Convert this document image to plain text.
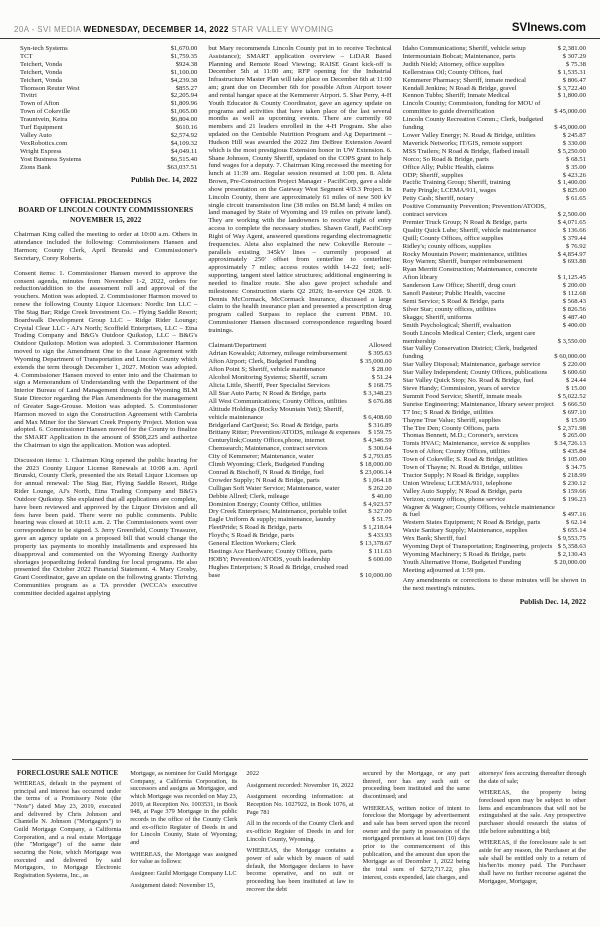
20A - SVI MEDIA WEDNESDAY, DECEMBER 14, 2022 STAR VALLEY WYOMING	SVInews.com
Syn-tech Systems	$1,670.00
TCT	$1,759.35
Teichert, Vonda	$924.38
Teichert, Vonda	$1,100.00
Teichert, Vonda	$4,239.38
Thomson Reuter West	$855.27
Tivitri	$2,205.94
Town of Afton	$1,809.96
Town of Cokeville	$1,065.00
Trauntvein, Keira	$6,804.00
Turf Equipment	$610.16
Valley Auto	$2,574.92
VexRobotics.com	$4,109.32
Wright Express	$4,049.11
Yost Business Systems	$6,515.40
Zions Bank	$63,037.51
Publish Dec. 14, 2022
OFFICIAL PROCEEDINGS
BOARD OF LINCOLN COUNTY COMMISSIONERS
NOVEMBER 15, 2022

Chairman King called the meeting to order at 10:00 a.m. Others in attendance included the following: Commissioners Hansen and Harmon; County Clerk, April Brunski and Commissioner's Secretary, Corey Roberts.

Consent items: 1. Commissioner Hansen moved to approve the consent agenda, minutes from November 1-2, 2022, orders for reduction/addition to the assessment roll and approval of the vouchers. Motion was adopted. 2. Commissioner Harmon moved to renew the following County Liquor Licenses: Nordic Inn LLC – The Stag Bar; Ridge Creek Investment Co. – Flying Saddle Resort; Boardwalk Development Group LLC – Ridge Rider Lounge; Crystal Clear LLC - AJ's North; Scoffield Enterprises, LLC – Etna Trading Company and B&G's Outdoor Quikstop, LLC – B&G's Outdoor Quikstop. Motion was adopted. 3. Commissioner Harmon moved to sign the Amendment One to the Lease Agreement with Wyoming Department of Transportation and Lincoln County which extends the term through December 1, 2027. Motion was adopted. 4. Commissioner Hansen moved to enter into and the Chairman to sign a Memorandum of Understanding with the Department of the Interior Bureau of Land Management through the Wyoming BLM State Director regarding the Plan Amendments for the management of Greater Sage-Grouse. Motion was adopted. 5. Commissioner Harmon moved to sign the Construction Agreement with Cambria and Max Miner for the Stewart Creek Property Project. Motion was adopted. 6. Commissioner Hansen moved for the County to finalize the SMART Application in the amount of $508,225 and authorize the Chairman to sign the application. Motion was adopted.

Discussion items: 1. Chairman King opened the public hearing for the 2023 County Liquor License Renewals at 10:08 a.m. April Brunski, County Clerk, presented the six Retail Liquor Licenses up for annual renewal: The Stag Bar, Flying Saddle Resort, Ridge Rider Lounge, AJ's North, Etna Trading Company and B&G's Outdoor Quikstop. She explained that all applications are complete, have been reviewed and approved by the Liquor Division and all fees have been paid. There were no public comments. Public hearing was closed at 10:11 a.m. 2. The Commissioners went over correspondence to be signed. 3. Jerry Greenfield, County Treasurer, gave an agency update on a proposed bill that would change the property tax payments to monthly installments and expressed his disapproval and commented on the Wyoming Energy Authority shortages jeopardizing federal funding for local programs. He also presented the October 2022 Financial Statement. 4. Mary Crosby, Grant Coordinator, gave an update on the following grants: Thriving Communities program as a TA provider (WCCA's executive committee decided against applying

but Mary recommends Lincoln County put in to receive Technical Assistance); SMART application overview – LiDAR Based Planning and Remote Road Viewing; RAISE Grant kick-off is December 5th at 11:00 am; RFP opening for the Industrial Infrastructure Master Plan will take place on December 6th at 11:00 am; grant due on December 6th for possible Afton Airport tower and rental hangar space at the Kemmerer Airport. 5. Shar Perry, 4-H Youth Educator & County Coordinator, gave an agency update on programs and activities that have taken place of the last several months as well as upcoming events. There are currently 60 members and 21 leaders enrolled in the 4-H Program. She also updated on the Centsible Nutrition Program and Ag Department – Hudson Hill was awarded the 2022 Jim DeBree Extension Award which is the most prestigious Extension honor in UW Extension. 6. Shane Johnson, County Sheriff, updated on the COPS grant to help fund wages for a deputy. 7. Chairman King recessed the meeting for lunch at 11:39 am. Regular session resumed at 1:00 pm. 8. Aleta Brown, Pre-Construction Project Manager - PacifiCorp, gave a slide show presentation on the Gateway West Segment 4/D.3 Project. In Lincoln County, there are approximately 61 miles of new 500 kV single circuit transmission line (38 miles on BLM land; 4 miles on land managed by State of Wyoming and 19 miles on private land). They are working with the landowners to receive right of entry access to complete the necessary studies. Shawn Graff, PacifiCorp Right of Way Agent, answered questions regarding electromagnetic frequencies. Aleta also explained the new Cokeville Reroute – parallels existing 345kV lines – currently proposed at approximately 250' offset from centerline to centerline; approximately 7 miles; access routes width 14-22 feet; self-supporting, tangent steel lattice structures; additional engineering is needed to finalize route. She also gave project schedule and milestones: Construction starts Q2 2026; In-service Q4 2028. 9. Dennis McCormack, McCormack Insurance, discussed a large claim to the health insurance plan and presented a prescription drug program called Surpass to replace the current PBM. 10. Commissioner Hansen discussed correspondence regarding board trainings.

Claimant/Department	Allowed
Adrian Kowalski; Attorney, mileage reimbursement	$ 395.63
Afton Airport; Clerk, Budgeted Funding	$ 35,000.00
Afton Point S; Sheriff, vehicle maintenance	$ 28.00
Alcohol Monitoring Systems; Sheriff, scram	$ 51.24
Alicia Little, Sheriff, Peer Specialist Services	$ 168.75
All Star Auto Parts; N Road & Bridge, parts	$ 3,348.23
All West Communications; County Offices, utilities	$ 676.88
Altitude Holdings (Rocky Mountain Yeti); Sheriff, vehicle maintenance	$ 6,408.60
Bridgerland CarQuest; So. Road & Bridge, parts	$ 316.89
Brittany Ritter; Prevention/ATODS, mileage & expenses	$ 159.75
Centurylink;County Offices,phone, internet	$ 4,346.59
Chemsearch; Maintenance, contract services	$ 300.64
City of Kemmerer; Maintenance, water	$ 2,793.85
Climb Wyoming; Clerk, Budgeted Funding	$ 18,000.00
Conrad & Bischoff, N Road & Bridge, fuel	$ 23,006.14
Crowder Supply; N Road & Bridge, parts	$ 1,064.18
Culligan Soft Water Service; Maintenance, water	$ 262.20
Debbie Allred; Clerk, mileage	$ 40.00
Dominion Energy; County Office, utilities	$ 4,923.57
Dry Creek Enterprises; Maintenance, portable toilet	$ 327.00
Eagle Uniform & supply; maintenance, laundry	$ 51.75
FleetPride; S Road & Bridge, parts	$ 1,218.64
Floyd's; S Road & Bridge, parts	$ 433.93
General Election Workers; Clerk	$ 13,378.67
Hastings Ace Hardware; County Offices, parts	$ 111.63
HOBY; Prevention/ATODS, youth leadership	$ 600.00
Hughes Enterprises; S Road & Bridge, crushed road base	$ 10,000.00
Idaho Communications; Sheriff, vehicle setup	$ 2,381.00
Intermountain Bobcat; Maintenance, parts	$ 307.29
Judith Nield; Attorney, office supplies	$ 75.38
Kellerstrass Oil; County Offices, fuel	$ 1,535.31
Kemmerer Pharmacy; Sheriff, inmate medical	$ 806.47
Kendall Jenkins; N Road & Bridge, gravel	$ 3,722.40
Kennon Tubbs; Sheriff; Inmate Medical	$ 1,800.00
Lincoln County; Commission, funding for MOU of committee to guide diversification	$ 45,000.00
Lincoln County Recreation Comm.; Clerk, budgeted funding	$ 45,000.00
Lower Valley Energy; N. Road & Bridge, utilities	$ 245.87
Maverick Networks; IT/GIS, remote support	$ 330.00
MSS Trailers; N Road & Bridge, flatbed install	$ 5,250.00
Norco; So Road & Bridge, parts	$ 68.51
Office Ally; Public Health, claims	$ 35.00
ODP; Sheriff, supplies	$ 423.26
Pacific Training Group; Sheriff, training	$ 1,400.00
Patty Pringle; LCEMA/911, wages	$ 825.00
Petty Cash; Sheriff, notary	$ 61.65
Positive Community Prevention; Prevention/ATODS, contract services	$ 2,500.00
Premier Truck Group; N Road & Bridge, parts	$ 4,071.65
Quality Quick Lube; Sheriff, vehicle maintenance	$ 136.66
Quill; County Offices, office supplies	$ 379.44
Ridley's; county offices, supplies	$ 76.92
Rocky Mountain Power; maintenance, utilities	$ 4,854.97
Roy Warren; Sheriff, bumper reimbursement	$ 693.88
Ryan Merritt Construction; Maintenance, concrete Afton library	$ 1,125.45
Sanderson Law Office; Sheriff, drug court	$ 200.00
Sanofi Pasteur; Public Health, vaccine	$ 112.68
Semi Service; S Road & Bridge, parts	$ 568.43
Silver Star; county offices, utilities	$ 826.56
Skaggs; Sheriff, uniforms	$ 487.40
Smith Psychological; Sheriff, evaluation	$ 400.00
South Lincoln Medical Center; Clerk, urgent care membership	$ 3,550.00
Star Valley Conservation District; Clerk, budgeted funding	$ 60,000.00
Star Valley Disposal; Maintenance, garbage service	$ 220.00
Star Valley Independent; County Offices, publications	$ 600.60
Star Valley Quick Stop; No. Road & Bridge, fuel	$ 24.44
Steve Handy; Commission, years of service	$ 15.00
Summit Food Service; Sheriff, inmate meals	$ 5,022.52
Sunrise Engineering; Maintenance, library sewer project	$ 666.50
T7 Inc; S Road & Bridge, utilities	$ 697.10
Thayne True Value; Sheriff, supplies	$ 15.99
The Tire Den; County Offices, parts	$ 2,371.98
Thomas Bennett, M.D.; Coroner's, services	$ 265.00
Tomis HVAC; Maintenance, service & supplies	$ 34,726.13
Town of Afton; County Offices, utilities	$ 435.84
Town of Cokeville; S. Road & Bridge, utilities	$ 105.00
Town of Thayne; N. Road & Bridge, utilities	$ 34.75
Tractor Supply; N Road & Bridge, supplies	$ 218.99
Union Wireless; LCEMA/911, telephone	$ 230.12
Valley Auto Supply; N Road & Bridge, parts	$ 159.66
Verizon; county offices, phone service	$ 196.23
Wagner & Wagner; County Offices, vehicle maintenance & fuel	$ 497.16
Western States Equipment; N Road & Bridge, parts	$ 62.14
Waxie Sanitary Supply; Maintenance, supplies	$ 655.14
Wex Bank; Sheriff, fuel	$ 9,553.75
Wyoming Dept of Transportation; Engineering, projects $ 5,358.63
Wyoming Machinery; S Road & Bridge, parts	$ 2,130.43
Youth Alternative Home, Budgeted Funding	$ 20,000.00

Meeting adjourned at 1:59 pm.

Any amendments or corrections to these minutes will be shown in the next meeting's minutes.

Publish Dec. 14, 2022
FORECLOSURE SALE NOTICE

WHEREAS, default in the payment of principal and interest has occurred under the terms of a Promissory Note (the "Note") dated May 23, 2019, executed and delivered by Chris Johnson and Chantelle N. Johnson ("Mortgagors") to Guild Mortgage Company, a California Corporation, and a real estate Mortgage (the "Mortgage") of the same date securing the Note, which Mortgage was executed and delivered by said Mortgagors, to Mortgage Electronic Registration Systems, Inc., as

Mortgage, as nominee for Guild Mortgage Company, a California Corporation, its successors and assigns as Mortgagee, and which Mortgage was recorded on May 23, 2019, at Reception No. 1003531, in Book 948, at Page 379 Mortgage in the public records in the office of the County Clerk and ex-officio Register of Deeds in and for Lincoln County, State of Wyoming; and

WHEREAS, the Mortgage was assigned for value as follows:

Assignee: Guild Mortgage Company LLC

Assignment dated: November 15,

2022

Assignment recorded: November 16, 2022

Assignment recording information: at Reception No. 1027922, in Book 1076, at Page 781

All in the records of the County Clerk and ex-officio Register of Deeds in and for Lincoln County, Wyoming.

WHEREAS, the Mortgage contains a power of sale which by reason of said default, the Mortgagee declares to have become operative, and no suit or proceeding has been instituted at law to recover the debt

secured by the Mortgage, or any part thereof, nor has any such suit or proceeding been instituted and the same discontinued; and

WHEREAS, written notice of intent to foreclose the Mortgage by advertisement and sale has been served upon the record owner and the party in possession of the mortgaged premises at least ten (10) days prior to the commencement of this publication, and the amount due upon the Mortgage as of December 1, 2022 being the total sum of $272,717.22, plus interest, costs expended, late charges, and

attorneys' fees accruing thereafter through the date of sale;

WHEREAS, the property being foreclosed upon may be subject to other liens and encumbrances that will not be extinguished at the sale. Any prospective purchaser should research the status of title before submitting a bid;

WHEREAS, if the foreclosure sale is set aside for any reason, the Purchaser at the sale shall be entitled only to a return of his/her/its money paid. The Purchaser shall have no further recourse against the Mortgagee, Mortgagor,
